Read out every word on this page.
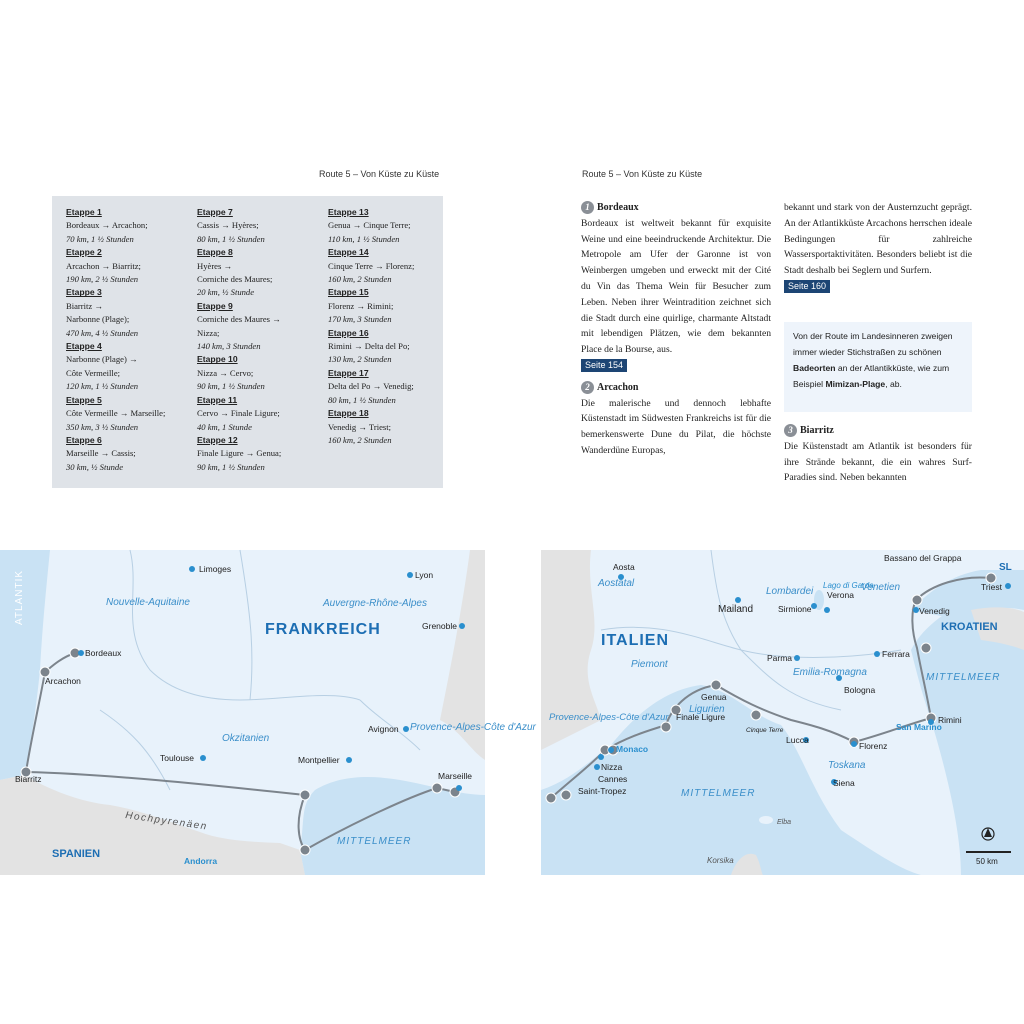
Route 5 – Von Küste zu Küste	Route 5 – Von Küste zu Küste
Etappe 1
Bordeaux → Arcachon;
70 km, 1 ½ Stunden
Etappe 2
Arcachon → Biarritz;
190 km, 2 ½ Stunden
Etappe 3
Biarritz →
Narbonne (Plage);
470 km, 4 ½ Stunden
Etappe 4
Narbonne (Plage) →
Côte Vermeille;
120 km, 1 ½ Stunden
Etappe 5
Côte Vermeille → Marseille;
350 km, 3 ½ Stunden
Etappe 6
Marseille → Cassis;
30 km, ½ Stunde
Etappe 7
Cassis → Hyères;
80 km, 1 ½ Stunden
Etappe 8
Hyères →
Corniche des Maures;
20 km, ½ Stunde
Etappe 9
Corniche des Maures →
Nizza;
140 km, 3 Stunden
Etappe 10
Nizza → Cervo;
90 km, 1 ½ Stunden
Etappe 11
Cervo → Finale Ligure;
40 km, 1 Stunde
Etappe 12
Finale Ligure → Genua;
90 km, 1 ½ Stunden
Etappe 13
Genua → Cinque Terre;
110 km, 1 ½ Stunden
Etappe 14
Cinque Terre → Florenz;
160 km, 2 Stunden
Etappe 15
Florenz → Rimini;
170 km, 3 Stunden
Etappe 16
Rimini → Delta del Po;
130 km, 2 Stunden
Etappe 17
Delta del Po → Venedig;
80 km, 1 ½ Stunden
Etappe 18
Venedig → Triest;
160 km, 2 Stunden
1 Bordeaux
Bordeaux ist weltweit bekannt für exquisite Weine und eine beeindruckende Architektur. Die Metropole am Ufer der Garonne ist von Weinbergen umgeben und erweckt mit der Cité du Vin das Thema Wein für Besucher zum Leben. Neben ihrer Weintradition zeichnet sich die Stadt durch eine quirlige, charmante Altstadt mit lebendigen Plätzen, wie dem bekannten Place de la Bourse, aus.
Seite 154
2 Arcachon
Die malerische und dennoch lebhafte Küstenstadt im Südwesten Frankreichs ist für die bemerkenswerte Dune du Pilat, die höchste Wanderdüne Europas,
bekannt und stark von der Austernzucht geprägt. An der Atlantikküste Arcachons herrschen ideale Bedingungen für zahlreiche Wassersportaktivitäten. Besonders beliebt ist die Stadt deshalb bei Seglern und Surfern.
Seite 160
Von der Route im Landesinneren zweigen immer wieder Stichstraßen zu schönen Badeorten an der Atlantikküste, wie zum Beispiel Mimizan-Plage, ab.
3 Biarritz
Die Küstenstadt am Atlantik ist besonders für ihre Strände bekannt, die ein wahres Surf-Paradies sind. Neben bekannten
Limoges
Lyon
Bordeaux
Arcachon
Grenoble
Avignon
Toulouse	Montpellier
Biarritz	Marseille
Andorra
Nouvelle-Aquitaine	Auvergne-Rhône-Alpes
Okzitanien
Provence-Alpes-Côte d'Azur
FRANKREICH
SPANIEN
MITTELMEER
Hochpyrenäen
ATLANTIK
Aosta
Bassano del Grappa
Mailand
Verona
Sirmione	Venedig
Triest
Parma	Ferrara
Bologna
Genua
Finale Ligure
Cinque Terre
Nizza
Cannes
Saint-Tropez
Lucca
Florenz
Rimini
Siena
Monaco
San Marino
Lago di Garda
Elba
Korsika
Aostatal
Lombardei	Venetien
Piemont
Emilia-Romagna
Ligurien
Toskana
Provence-Alpes-Côte d'Azur
ITALIEN
KROATIEN
SL
MITTELMEER
MITTELMEER
50 km
